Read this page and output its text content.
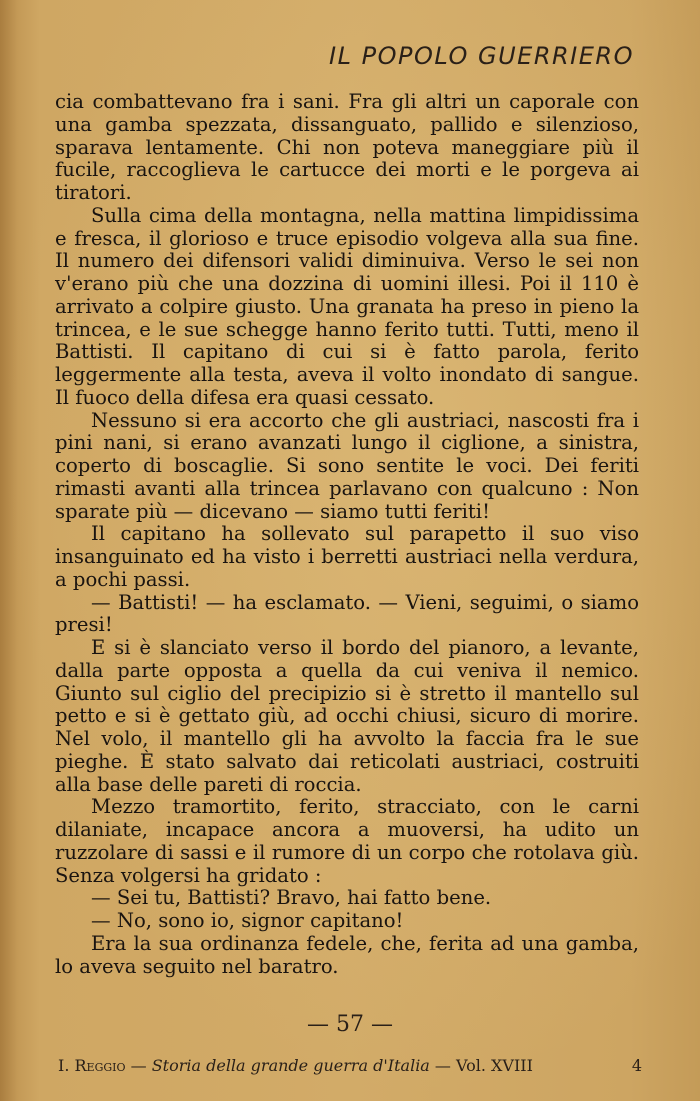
IL POPOLO GUERRIERO

cia combattevano fra i sani. Fra gli altri un caporale con una gamba spezzata, dissanguato, pallido e silenzioso, sparava lentamente. Chi non poteva maneggiare più il fucile, raccoglieva le cartucce dei morti e le porgeva ai tiratori.

Sulla cima della montagna, nella mattina limpidissima e fresca, il glorioso e truce episodio volgeva alla sua fine. Il numero dei difensori validi diminuiva. Verso le sei non v'erano più che una dozzina di uomini illesi. Poi il 110 è arrivato a colpire giusto. Una granata ha preso in pieno la trincea, e le sue schegge hanno ferito tutti. Tutti, meno il Battisti. Il capitano di cui si è fatto parola, ferito leggermente alla testa, aveva il volto inondato di sangue. Il fuoco della difesa era quasi cessato.

Nessuno si era accorto che gli austriaci, nascosti fra i pini nani, si erano avanzati lungo il ciglione, a sinistra, coperto di boscaglie. Si sono sentite le voci. Dei feriti rimasti avanti alla trincea parlavano con qualcuno : Non sparate più — dicevano — siamo tutti feriti!

Il capitano ha sollevato sul parapetto il suo viso insanguinato ed ha visto i berretti austriaci nella verdura, a pochi passi.

— Battisti! — ha esclamato. — Vieni, seguimi, o siamo presi!

E si è slanciato verso il bordo del pianoro, a levante, dalla parte opposta a quella da cui veniva il nemico. Giunto sul ciglio del precipizio si è stretto il mantello sul petto e si è gettato giù, ad occhi chiusi, sicuro di morire. Nel volo, il mantello gli ha avvolto la faccia fra le sue pieghe. È stato salvato dai reticolati austriaci, costruiti alla base delle pareti di roccia.

Mezzo tramortito, ferito, stracciato, con le carni dilaniate, incapace ancora a muoversi, ha udito un ruzzolare di sassi e il rumore di un corpo che rotolava giù. Senza volgersi ha gridato :

— Sei tu, Battisti? Bravo, hai fatto bene.

— No, sono io, signor capitano!

Era la sua ordinanza fedele, che, ferita ad una gamba, lo aveva seguito nel baratro.

— 57 —
I. Reggio — Storia della grande guerra d'Italia — Vol. XVIII	4
